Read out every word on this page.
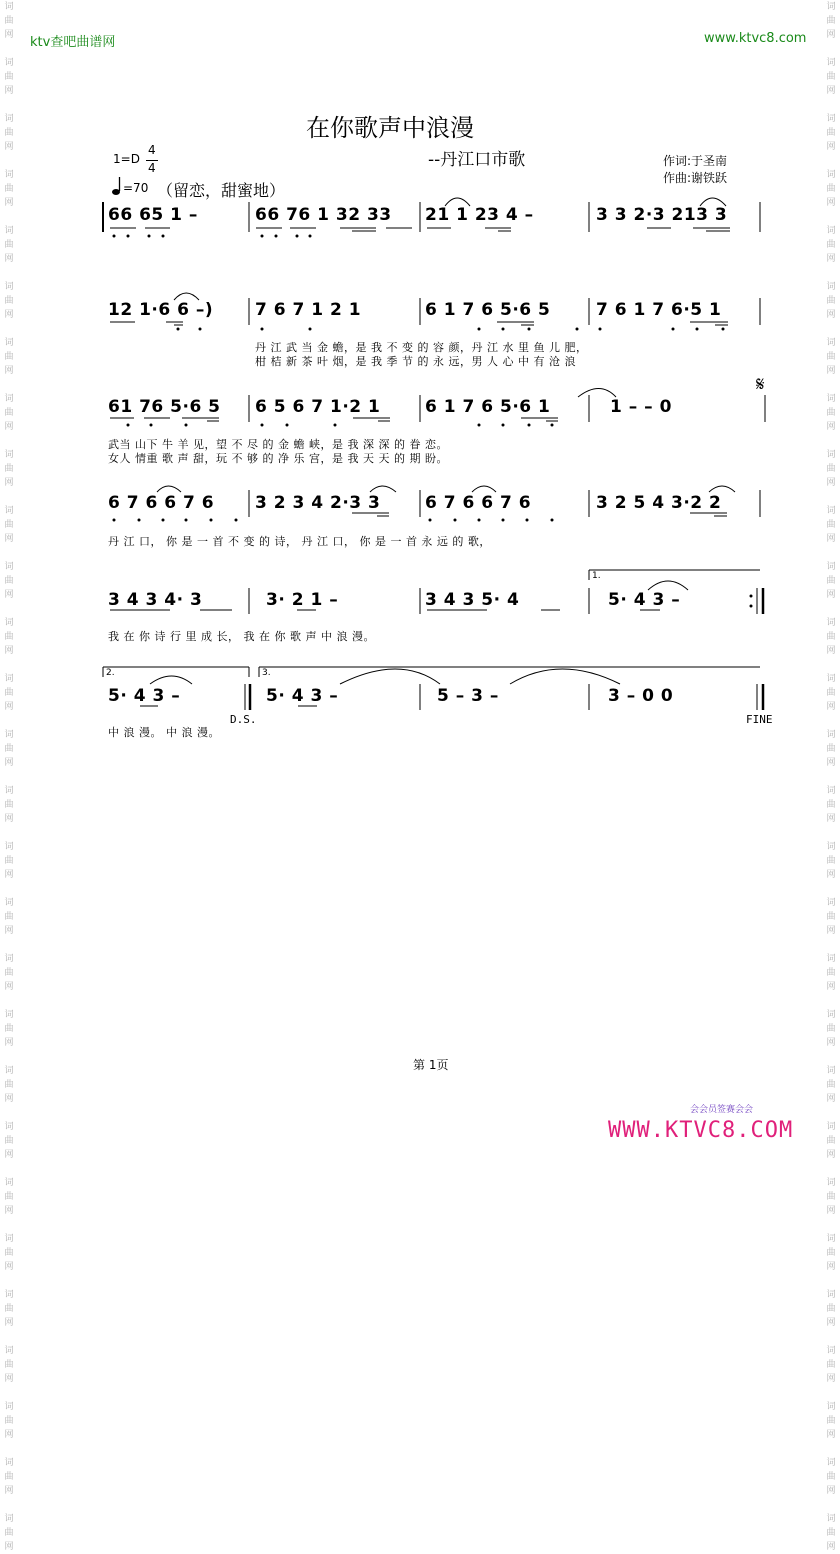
词
曲
网

词
曲
网

词
曲
网

词
曲
网

词
曲
网

词
曲
网

词
曲
网

词
曲
网

词
曲
网

词
曲
网

词
曲
网

词
曲
网

词
曲
网

词
曲
网

词
曲
网

词
曲
网

词
曲
网

词
曲
网

词
曲
网

词
曲
网

词
曲
网

词
曲
网

词
曲
网

词
曲
网

词
曲
网

词
曲
网

词
曲
网

词
曲
网

词
曲
网

词
曲
网

词
曲
网

词
曲
网

词
曲
网

词
曲
网

词
曲
网

词
曲
网

词
曲
网

词
曲
网

词
曲
网

词
曲
网

词
曲
网

词
曲
网

词
曲
网

词
曲
网

词
曲
网

词
曲
网

词
曲
网

词
曲
网

词
曲
网

词
曲
网

词
曲
网

词
曲
网

词
曲
网

词
曲
网

词
曲
网

词
曲
网

ktv查吧曲谱网	www.ktvc8.com
在你歌声中浪漫
--丹江口市歌
1=D
4
4
=70 （留恋，甜蜜地）
作词:于圣南
作曲:谢铁跃
66 65 1 –	66 76 1 32 33 21 1 23 4 –	3 3 2·3 213 3
12 1·6 6 –) 7 6 7 1 2 1	6 1 7 6 5·6 5	7 6 1 7 6·5 1
丹 江 武 当 金 蟾，是 我 不 变 的 容 颜，丹 江 水 里 鱼 儿 肥，
柑 桔 新 茶 叶 烟，是 我 季 节 的 永 远，男 人 心 中 有 沧 浪
61 76 5·6 5 6 5 6 7 1·2 1	6 1 7 6 5·6 1	1 – – 0
𝄋
武当 山下 牛 羊 见，望 不 尽 的 金 蟾 峡，是 我 深 深 的 眷 恋。
女人 情重 歌 声 甜，玩 不 够 的 净 乐 宫，是 我 天 天 的 期 盼。
6 7 6 6 7 6 3 2 3 4 2·3 3	6 7 6 6 7 6	3 2 5 4 3·2 2
丹 江 口， 你 是 一 首 不 变 的 诗， 丹 江 口， 你 是 一 首 永 远 的 歌，
3 4 3 4· 3	3· 2 1 –	3 4 3 5· 4	5· 4 3 –
1.
我 在 你 诗 行 里 成 长， 我 在 你 歌 声 中 浪 漫。
2.	3.
5· 4 3 –	5· 4 3 –	5 – 3 –	3 – 0 0
D.S.	FINE
中 浪 漫。 中 浪 漫。
第 1页
会会员签赛会会
WWW.KTVC8.COM
